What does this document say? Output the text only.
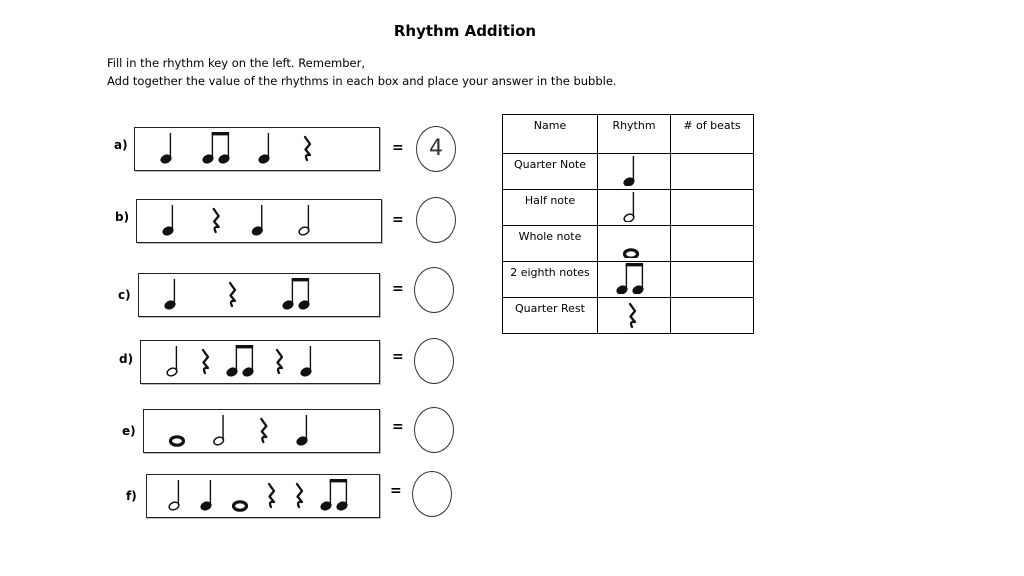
Rhythm Addition
Fill in the rhythm key on the left. Remember,
Add together the value of the rhythms in each box and place your answer in the bubble.
a)	=	4
b)	=
c)	=
d)	=
e)	=
f)	=
Name	Rhythm	# of beats

Quarter Note

Half note

Whole note

2 eighth notes

Quarter Rest
